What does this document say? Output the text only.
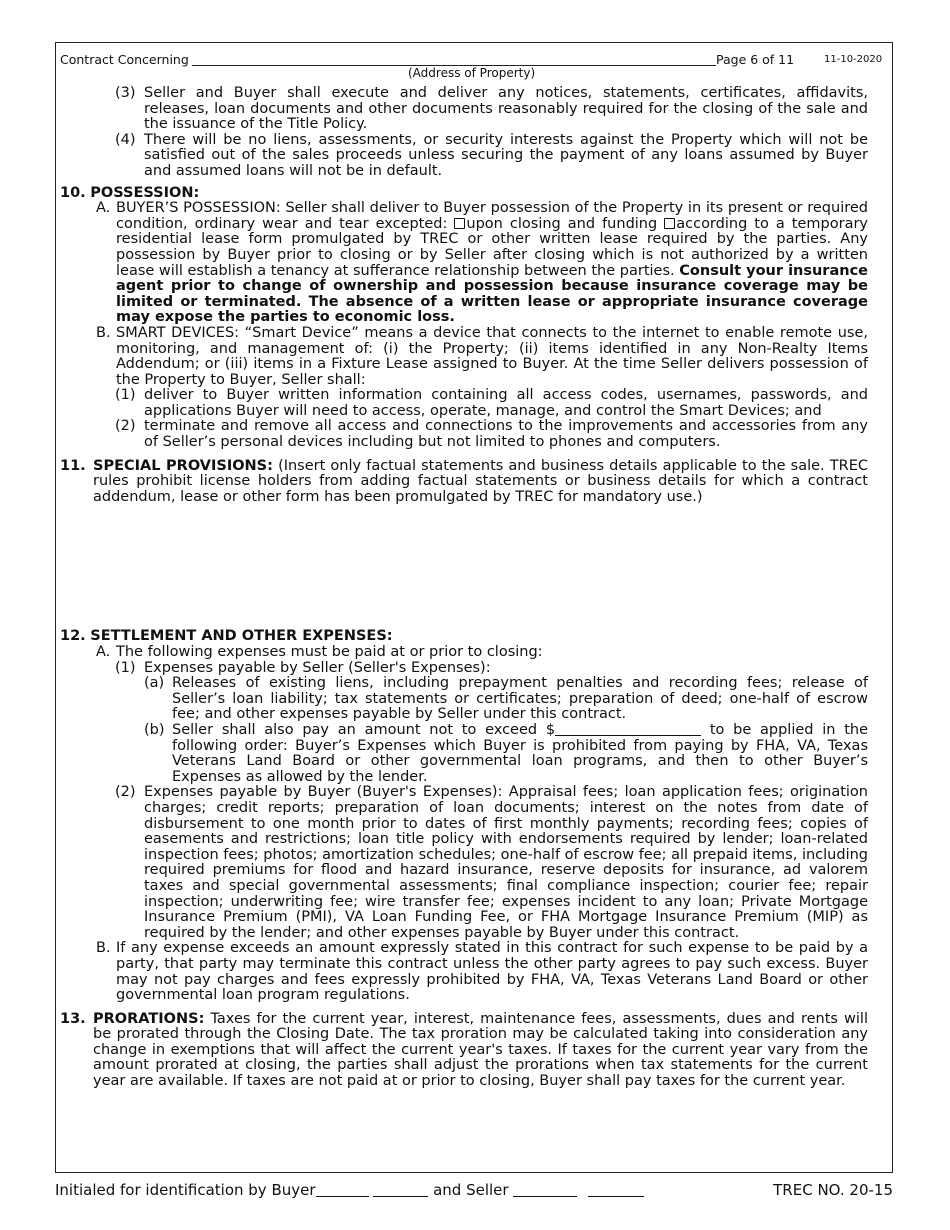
Contract Concerning
(Address of Property)
Page 6 of 11	11-10-2020
(3) Seller and Buyer shall execute and deliver any notices, statements, certificates, affidavits, releases, loan documents and other documents reasonably required for the closing of the sale and the issuance of the Title Policy.
(4) There will be no liens, assessments, or security interests against the Property which will not be satisfied out of the sales proceeds unless securing the payment of any loans assumed by Buyer and assumed loans will not be in default.
10. POSSESSION:
A. BUYER’S POSSESSION: Seller shall deliver to Buyer possession of the Property in its present or required condition, ordinary wear and tear excepted: upon closing and funding according to a temporary residential lease form promulgated by TREC or other written lease required by the parties. Any possession by Buyer prior to closing or by Seller after closing which is not authorized by a written lease will establish a tenancy at sufferance relationship between the parties. Consult your insurance agent prior to change of ownership and possession because insurance coverage may be limited or terminated. The absence of a written lease or appropriate insurance coverage may expose the parties to economic loss.
B. SMART DEVICES: “Smart Device” means a device that connects to the internet to enable remote use, monitoring, and management of: (i) the Property; (ii) items identified in any Non-Realty Items Addendum; or (iii) items in a Fixture Lease assigned to Buyer. At the time Seller delivers possession of the Property to Buyer, Seller shall:
(1) deliver to Buyer written information containing all access codes, usernames, passwords, and applications Buyer will need to access, operate, manage, and control the Smart Devices; and
(2) terminate and remove all access and connections to the improvements and accessories from any of Seller’s personal devices including but not limited to phones and computers.
11. SPECIAL PROVISIONS: (Insert only factual statements and business details applicable to the sale. TREC rules prohibit license holders from adding factual statements or business details for which a contract addendum, lease or other form has been promulgated by TREC for mandatory use.)
12. SETTLEMENT AND OTHER EXPENSES:
A. The following expenses must be paid at or prior to closing:
(1) Expenses payable by Seller (Seller's Expenses):
(a) Releases of existing liens, including prepayment penalties and recording fees; release of Seller’s loan liability; tax statements or certificates; preparation of deed; one-half of escrow fee; and other expenses payable by Seller under this contract.
(b) Seller shall also pay an amount not to exceed $	to be applied in the following order: Buyer’s Expenses which Buyer is prohibited from paying by FHA, VA, Texas Veterans Land Board or other governmental loan programs, and then to other Buyer’s Expenses as allowed by the lender.
(2) Expenses payable by Buyer (Buyer's Expenses): Appraisal fees; loan application fees; origination charges; credit reports; preparation of loan documents; interest on the notes from date of disbursement to one month prior to dates of first monthly payments; recording fees; copies of easements and restrictions; loan title policy with endorsements required by lender; loan-related inspection fees; photos; amortization schedules; one-half of escrow fee; all prepaid items, including required premiums for flood and hazard insurance, reserve deposits for insurance, ad valorem taxes and special governmental assessments; final compliance inspection; courier fee; repair inspection; underwriting fee; wire transfer fee; expenses incident to any loan; Private Mortgage Insurance Premium (PMI), VA Loan Funding Fee, or FHA Mortgage Insurance Premium (MIP) as required by the lender; and other expenses payable by Buyer under this contract.
B. If any expense exceeds an amount expressly stated in this contract for such expense to be paid by a party, that party may terminate this contract unless the other party agrees to pay such excess. Buyer may not pay charges and fees expressly prohibited by FHA, VA, Texas Veterans Land Board or other governmental loan program regulations.
13. PRORATIONS: Taxes for the current year, interest, maintenance fees, assessments, dues and rents will be prorated through the Closing Date. The tax proration may be calculated taking into consideration any change in exemptions that will affect the current year's taxes. If taxes for the current year vary from the amount prorated at closing, the parties shall adjust the prorations when tax statements for the current year are available. If taxes are not paid at or prior to closing, Buyer shall pay taxes for the current year.
Initialed for identification by Buyer	and Seller	TREC NO. 20-15
